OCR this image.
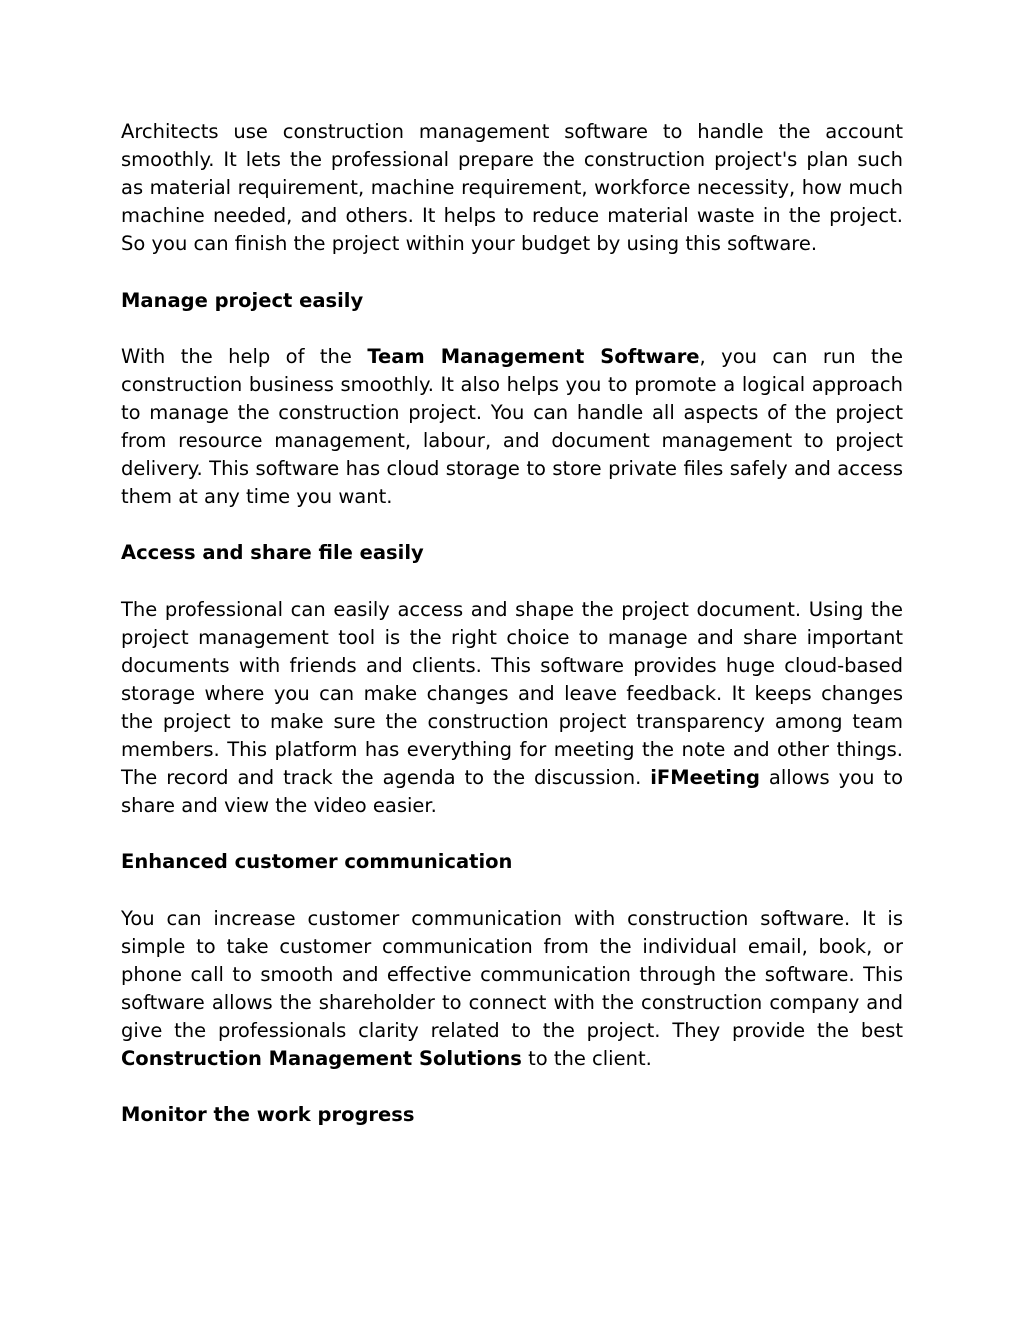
Architects use construction management software to handle the account smoothly. It lets the professional prepare the construction project's plan such as material requirement, machine requirement, workforce necessity, how much machine needed, and others. It helps to reduce material waste in the project. So you can finish the project within your budget by using this software.

Manage project easily

With the help of the Team Management Software, you can run the construction business smoothly. It also helps you to promote a logical approach to manage the construction project. You can handle all aspects of the project from resource management, labour, and document management to project delivery. This software has cloud storage to store private files safely and access them at any time you want.

Access and share file easily

The professional can easily access and shape the project document. Using the project management tool is the right choice to manage and share important documents with friends and clients. This software provides huge cloud-based storage where you can make changes and leave feedback. It keeps changes the project to make sure the construction project transparency among team members. This platform has everything for meeting the note and other things. The record and track the agenda to the discussion. iFMeeting allows you to share and view the video easier.

Enhanced customer communication

You can increase customer communication with construction software. It is simple to take customer communication from the individual email, book, or phone call to smooth and effective communication through the software. This software allows the shareholder to connect with the construction company and give the professionals clarity related to the project. They provide the best Construction Management Solutions to the client.

Monitor the work progress
